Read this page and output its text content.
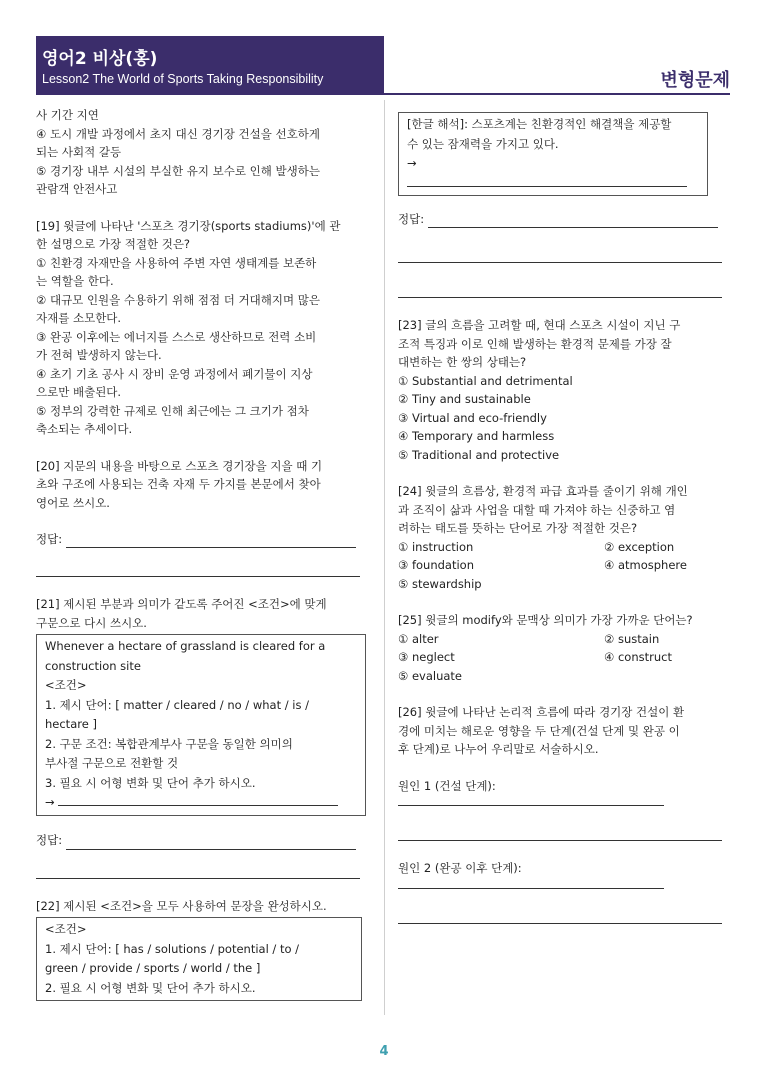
영어2 비상(홍)
Lesson2 The World of Sports Taking Responsibility	변형문제

사 기간 지연

④ 도시 개발 과정에서 초지 대신 경기장 건설을 선호하게

되는 사회적 갈등

⑤ 경기장 내부 시설의 부실한 유지 보수로 인해 발생하는

관람객 안전사고

[19] 윗글에 나타난 '스포츠 경기장(sports stadiums)'에 관

한 설명으로 가장 적절한 것은?

① 친환경 자재만을 사용하여 주변 자연 생태계를 보존하

는 역할을 한다.

② 대규모 인원을 수용하기 위해 점점 더 거대해지며 많은

자재를 소모한다.

③ 완공 이후에는 에너지를 스스로 생산하므로 전력 소비

가 전혀 발생하지 않는다.

④ 초기 기초 공사 시 장비 운영 과정에서 폐기물이 지상

으로만 배출된다.

⑤ 정부의 강력한 규제로 인해 최근에는 그 크기가 점차

축소되는 추세이다.

[20] 지문의 내용을 바탕으로 스포츠 경기장을 지을 때 기

초와 구조에 사용되는 건축 자재 두 가지를 본문에서 찾아

영어로 쓰시오.

정답:

[21] 제시된 부분과 의미가 같도록 주어진 <조건>에 맞게

구문으로 다시 쓰시오.

Whenever a hectare of grassland is cleared for a

construction site

<조건>

1. 제시 단어: [ matter / cleared / no / what / is /

hectare ]

2. 구문 조건: 복합관계부사 구문을 동일한 의미의

부사절 구문으로 전환할 것

3. 필요 시 어형 변화 및 단어 추가 하시오.

→

정답:

[22] 제시된 <조건>을 모두 사용하여 문장을 완성하시오.

<조건>

1. 제시 단어: [ has / solutions / potential / to /

green / provide / sports / world / the ]

2. 필요 시 어형 변화 및 단어 추가 하시오.

[한글 해석]: 스포츠계는 친환경적인 해결책을 제공할

수 있는 잠재력을 가지고 있다.

→

정답:

[23] 글의 흐름을 고려할 때, 현대 스포츠 시설이 지닌 구

조적 특징과 이로 인해 발생하는 환경적 문제를 가장 잘

대변하는 한 쌍의 상태는?

① Substantial and detrimental

② Tiny and sustainable

③ Virtual and eco-friendly

④ Temporary and harmless

⑤ Traditional and protective

[24] 윗글의 흐름상, 환경적 파급 효과를 줄이기 위해 개인

과 조직이 삶과 사업을 대할 때 가져야 하는 신중하고 염

려하는 태도를 뜻하는 단어로 가장 적절한 것은?

① instruction	② exception
③ foundation	④ atmosphere
⑤ stewardship

[25] 윗글의 modify와 문맥상 의미가 가장 가까운 단어는?

① alter	② sustain
③ neglect	④ construct
⑤ evaluate

[26] 윗글에 나타난 논리적 흐름에 따라 경기장 건설이 환

경에 미치는 해로운 영향을 두 단계(건설 단계 및 완공 이

후 단계)로 나누어 우리말로 서술하시오.

원인 1 (건설 단계):

원인 2 (완공 이후 단계):

4
